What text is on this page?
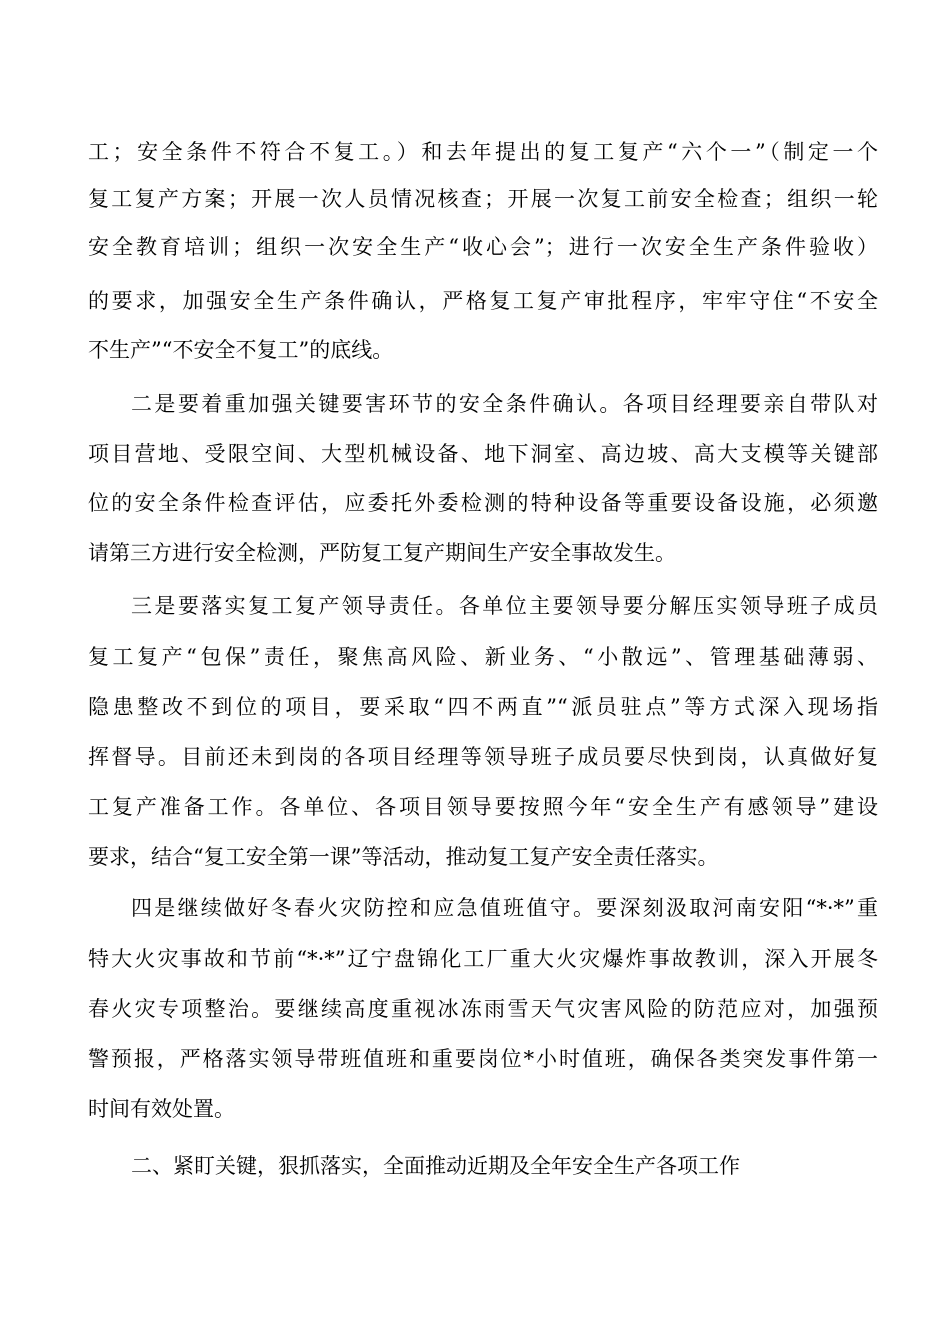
工；安全条件不符合不复工。）和去年提出的复工复产“六个一”（制定一个
复工复产方案；开展一次人员情况核查；开展一次复工前安全检查；组织一轮
安全教育培训；组织一次安全生产“收心会”；进行一次安全生产条件验收）
的要求，加强安全生产条件确认，严格复工复产审批程序，牢牢守住“不安全
不生产”“不安全不复工”的底线。
二是要着重加强关键要害环节的安全条件确认。各项目经理要亲自带队对
项目营地、受限空间、大型机械设备、地下洞室、高边坡、高大支模等关键部
位的安全条件检查评估，应委托外委检测的特种设备等重要设备设施，必须邀
请第三方进行安全检测，严防复工复产期间生产安全事故发生。
三是要落实复工复产领导责任。各单位主要领导要分解压实领导班子成员
复工复产“包保”责任，聚焦高风险、新业务、“小散远”、管理基础薄弱、
隐患整改不到位的项目，要采取“四不两直”“派员驻点”等方式深入现场指
挥督导。目前还未到岗的各项目经理等领导班子成员要尽快到岗，认真做好复
工复产准备工作。各单位、各项目领导要按照今年“安全生产有感领导”建设
要求，结合“复工安全第一课”等活动，推动复工复产安全责任落实。
四是继续做好冬春火灾防控和应急值班值守。要深刻汲取河南安阳“*·*”重
特大火灾事故和节前“*·*”辽宁盘锦化工厂重大火灾爆炸事故教训，深入开展冬
春火灾专项整治。要继续高度重视冰冻雨雪天气灾害风险的防范应对，加强预
警预报，严格落实领导带班值班和重要岗位*小时值班，确保各类突发事件第一
时间有效处置。
二、紧盯关键，狠抓落实，全面推动近期及全年安全生产各项工作
